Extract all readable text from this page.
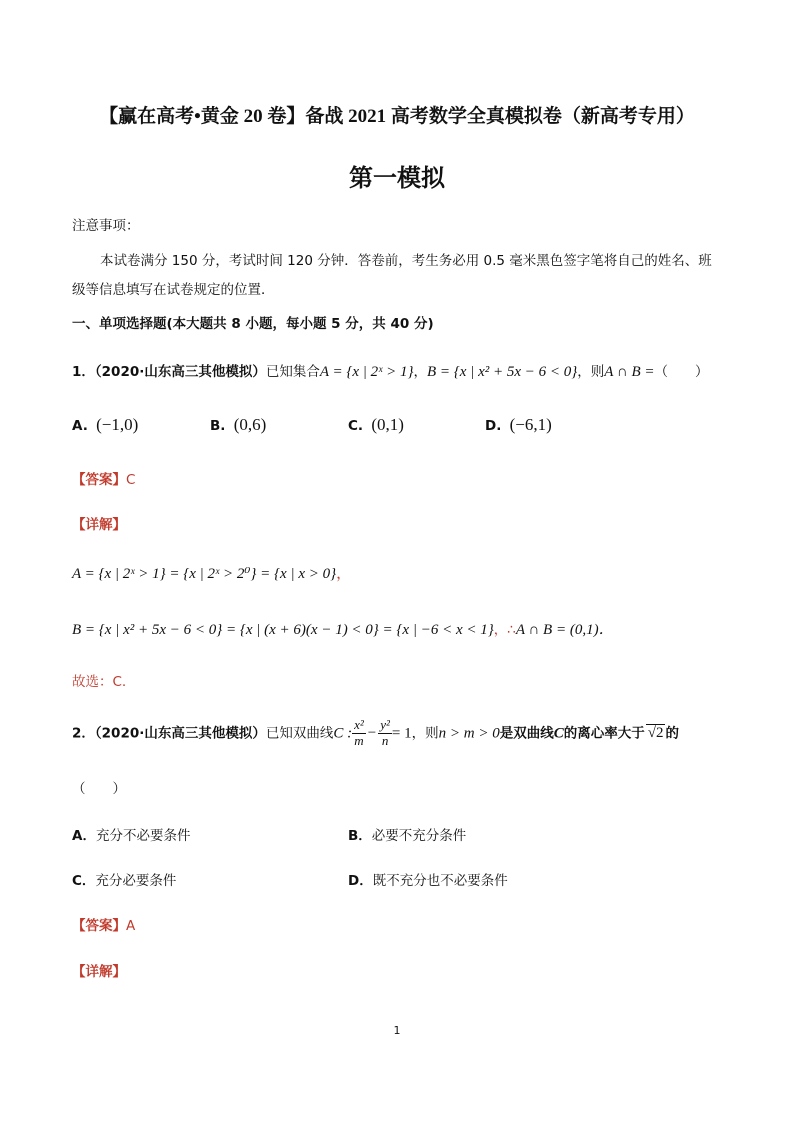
【赢在高考•黄金 20 卷】备战 2021 高考数学全真模拟卷（新高考专用）
第一模拟
注意事项：
本试卷满分 150 分，考试时间 120 分钟．答卷前，考生务必用 0.5 毫米黑色签字笔将自己的姓名、班
级等信息填写在试卷规定的位置．
一、单项选择题(本大题共 8 小题，每小题 5 分，共 40 分)
1．（2020·山东高三其他模拟）已知集合A = {x | 2ˣ > 1}，B = {x | x² + 5x − 6 < 0}，则A ∩ B =（　　）
A. (−1,0)	B. (0,6)	C. (0,1)	D. (−6,1)
【答案】C
【详解】
A = {x | 2ˣ > 1} = {x | 2ˣ > 2⁰} = {x | x > 0}，
B = {x | x² + 5x − 6 < 0} = {x | (x + 6)(x − 1) < 0} = {x | −6 < x < 1}，∴A ∩ B = (0,1)．
故选：C.
2．（2020·山东高三其他模拟）已知双曲线C : $\frac{\text{x²}}{m} - \frac{\text{y²}}{n} = 1$，则n > m > 0是双曲线C的离心率大于 √2 的
（　　）
A．充分不必要条件	B．必要不充分条件
C．充分必要条件	D．既不充分也不必要条件
【答案】A
【详解】
1
